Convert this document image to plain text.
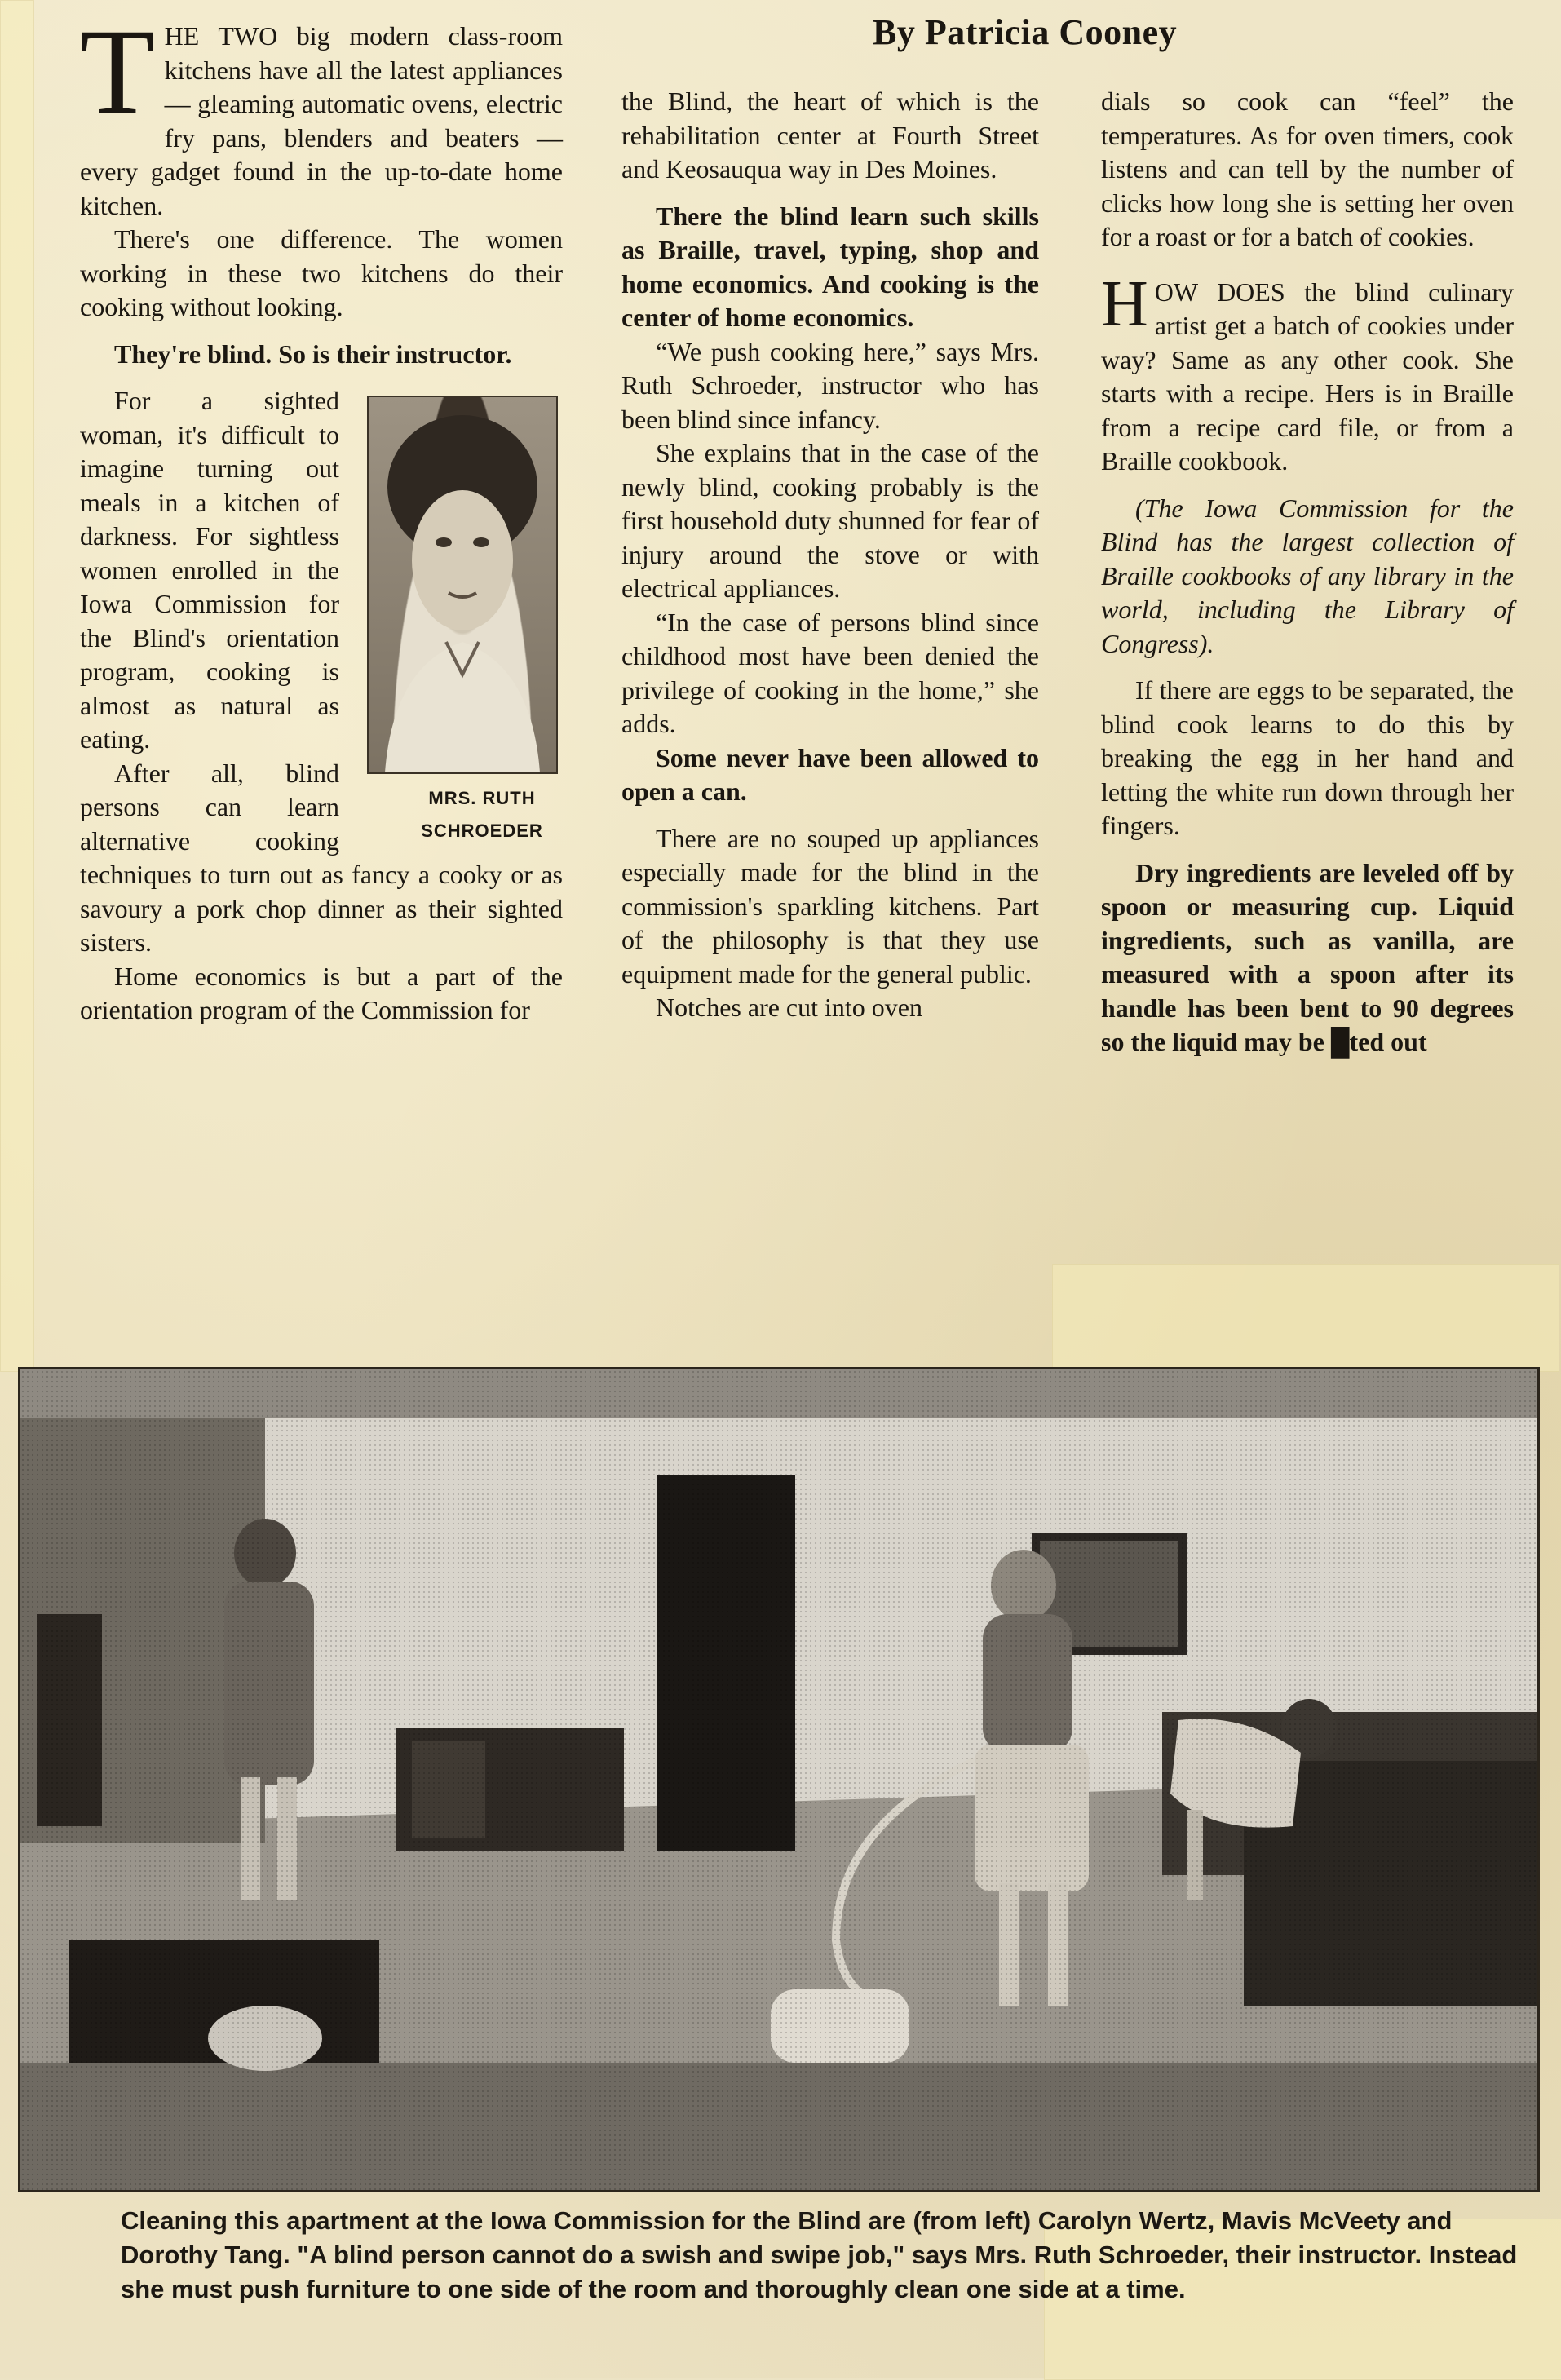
By Patricia Cooney
T HE TWO big modern class-room kitchens have all the latest appliances — gleaming automatic ovens, electric fry pans, blenders and beaters — every gadget found in the up-to-date home kitchen.

There's one difference. The women working in these two kitchens do their cooking without looking.

They're blind. So is their instructor.

MRS. RUTH
SCHROEDER
For a sighted woman, it's difficult to imagine turning out meals in a kitchen of darkness. For sightless women enrolled in the Iowa Commission for the Blind's orientation program, cooking is almost as natural as eating.

After all, blind persons can learn alternative cooking techniques to turn out as fancy a cooky or as savoury a pork chop dinner as their sighted sisters.

Home economics is but a part of the orientation program of the Commission for

the Blind, the heart of which is the rehabilitation center at Fourth Street and Keosauqua way in Des Moines.

There the blind learn such skills as Braille, travel, typing, shop and home economics. And cooking is the center of home economics.

“We push cooking here,” says Mrs. Ruth Schroeder, instructor who has been blind since infancy.

She explains that in the case of the newly blind, cooking probably is the first household duty shunned for fear of injury around the stove or with electrical appliances.

“In the case of persons blind since childhood most have been denied the privilege of cooking in the home,” she adds.

Some never have been allowed to open a can.

There are no souped up appliances especially made for the blind in the commission's sparkling kitchens. Part of the philosophy is that they use equipment made for the general public.

Notches are cut into oven

dials so cook can “feel” the temperatures. As for oven timers, cook listens and can tell by the number of clicks how long she is setting her oven for a roast or for a batch of cookies.

H OW DOES the blind culinary artist get a batch of cookies under way? Same as any other cook. She starts with a recipe. Hers is in Braille from a recipe card file, or from a Braille cookbook.

(The Iowa Commission for the Blind has the largest collection of Braille cookbooks of any library in the world, including the Library of Congress).

If there are eggs to be separated, the blind cook learns to do this by breaking the egg in her hand and letting the white run down through her fingers.

Dry ingredients are leveled off by spoon or measuring cup. Liquid ingredients, such as vanilla, are measured with a spoon after its handle has been bent to 90 degrees so the liquid may be █ted out

Cleaning this apartment at the Iowa Commission for the Blind are (from left) Carolyn Wertz, Mavis McVeety and Dorothy Tang. "A blind person cannot do a swish and swipe job," says Mrs. Ruth Schroeder, their instructor. Instead she must push furniture to one side of the room and thoroughly clean one side at a time.
